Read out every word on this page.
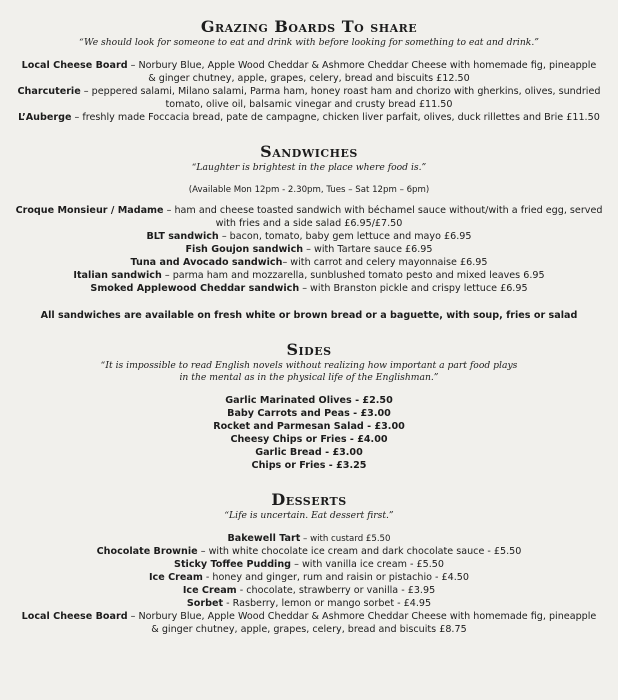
Grazing Boards To share
“We should look for someone to eat and drink with before looking for something to eat and drink.”
Local Cheese Board – Norbury Blue, Apple Wood Cheddar & Ashmore Cheddar Cheese with homemade fig, pineapple
& ginger chutney, apple, grapes, celery, bread and biscuits £12.50
Charcuterie – peppered salami, Milano salami, Parma ham, honey roast ham and chorizo with gherkins, olives, sundried
tomato, olive oil, balsamic vinegar and crusty bread £11.50
L’Auberge – freshly made Foccacia bread, pate de campagne, chicken liver parfait, olives, duck rillettes and Brie £11.50
Sandwiches
“Laughter is brightest in the place where food is.”
(Available Mon 12pm - 2.30pm, Tues – Sat 12pm – 6pm)
Croque Monsieur / Madame – ham and cheese toasted sandwich with béchamel sauce without/with a fried egg, served
with fries and a side salad £6.95/£7.50
BLT sandwich – bacon, tomato, baby gem lettuce and mayo £6.95
Fish Goujon sandwich – with Tartare sauce £6.95
Tuna and Avocado sandwich– with carrot and celery mayonnaise £6.95
Italian sandwich – parma ham and mozzarella, sunblushed tomato pesto and mixed leaves 6.95
Smoked Applewood Cheddar sandwich – with Branston pickle and crispy lettuce £6.95
All sandwiches are available on fresh white or brown bread or a baguette, with soup, fries or salad
Sides
“It is impossible to read English novels without realizing how important a part food plays
in the mental as in the physical life of the Englishman.”
Garlic Marinated Olives - £2.50
Baby Carrots and Peas - £3.00
Rocket and Parmesan Salad - £3.00
Cheesy Chips or Fries - £4.00
Garlic Bread - £3.00
Chips or Fries - £3.25
Desserts
“Life is uncertain. Eat dessert first.”
Bakewell Tart – with custard £5.50
Chocolate Brownie – with white chocolate ice cream and dark chocolate sauce - £5.50
Sticky Toffee Pudding – with vanilla ice cream - £5.50
Ice Cream - honey and ginger, rum and raisin or pistachio - £4.50
Ice Cream - chocolate, strawberry or vanilla - £3.95
Sorbet - Rasberry, lemon or mango sorbet - £4.95
Local Cheese Board – Norbury Blue, Apple Wood Cheddar & Ashmore Cheddar Cheese with homemade fig, pineapple
& ginger chutney, apple, grapes, celery, bread and biscuits £8.75
